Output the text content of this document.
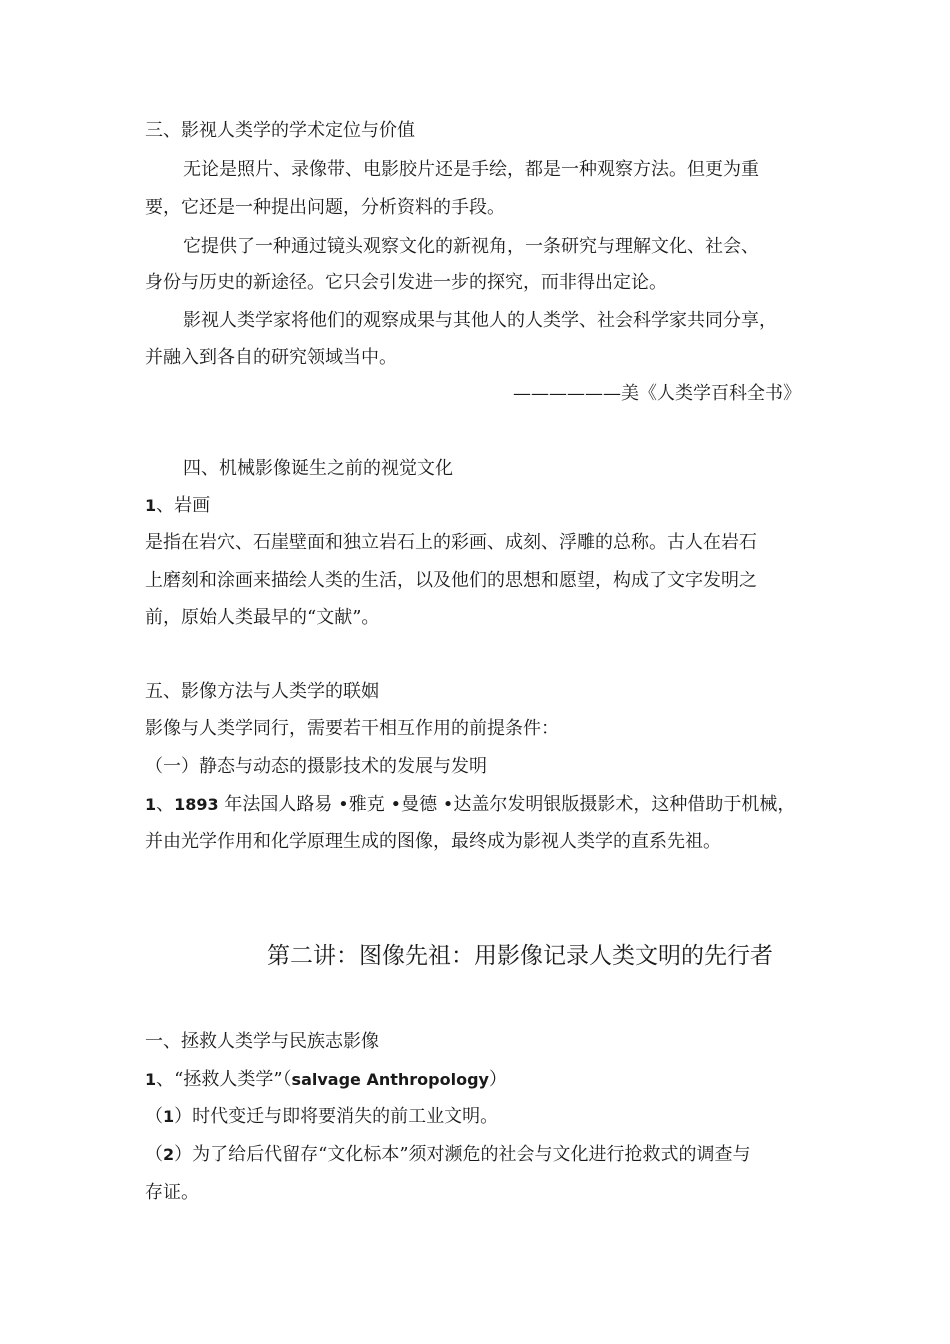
三、影视人类学的学术定位与价值
无论是照片、录像带、电影胶片还是手绘，都是一种观察方法。但更为重
要，它还是一种提出问题，分析资料的手段。
它提供了一种通过镜头观察文化的新视角，一条研究与理解文化、社会、
身份与历史的新途径。它只会引发进一步的探究，而非得出定论。
影视人类学家将他们的观察成果与其他人的人类学、社会科学家共同分享，
并融入到各自的研究领域当中。
——————美《人类学百科全书》
四、机械影像诞生之前的视觉文化
1、岩画
是指在岩穴、石崖壁面和独立岩石上的彩画、成刻、浮雕的总称。古人在岩石
上磨刻和涂画来描绘人类的生活，以及他们的思想和愿望，构成了文字发明之
前，原始人类最早的“文献”。
五、影像方法与人类学的联姻
影像与人类学同行，需要若干相互作用的前提条件：
（一）静态与动态的摄影技术的发展与发明
1、1893 年法国人路易 •雅克 •曼德 •达盖尔发明银版摄影术，这种借助于机械，
并由光学作用和化学原理生成的图像，最终成为影视人类学的直系先祖。
第二讲：图像先祖：用影像记录人类文明的先行者
一、拯救人类学与民族志影像
1、“拯救人类学”（salvage Anthropology）
（1）时代变迁与即将要消失的前工业文明。
（2）为了给后代留存“文化标本”须对濒危的社会与文化进行抢救式的调查与
存证。
